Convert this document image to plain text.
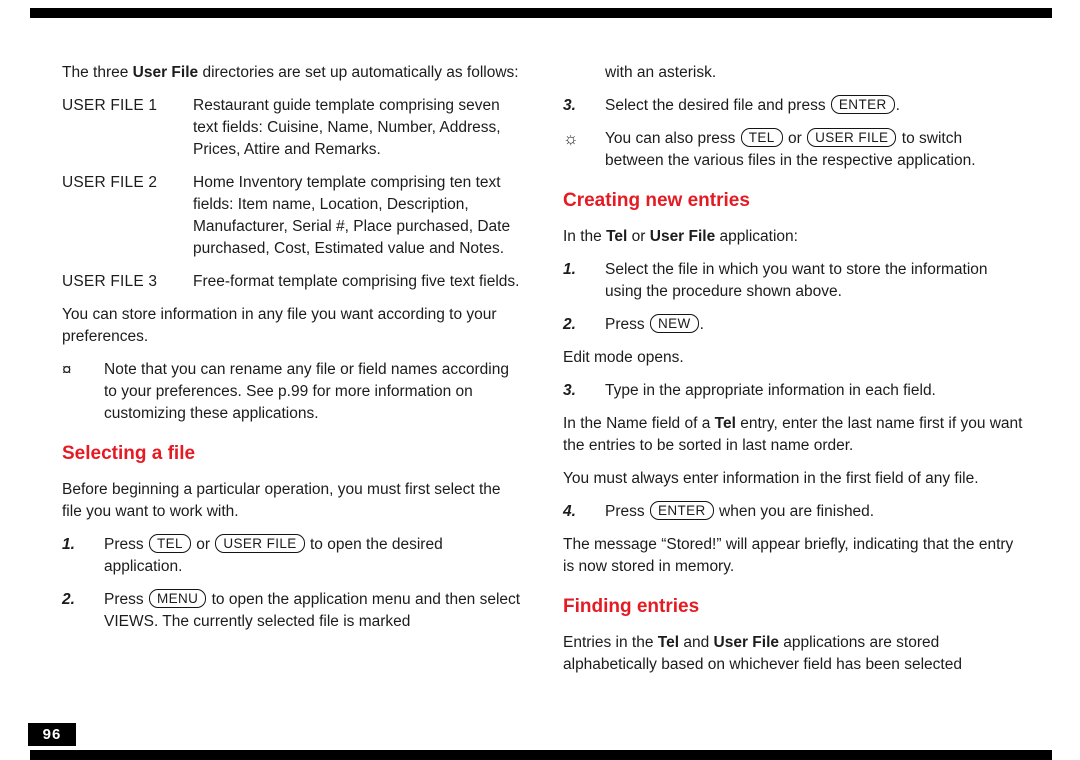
The three User File directories are set up automatically as follows:

USER FILE 1	Restaurant guide template comprising seven text fields: Cuisine, Name, Number, Address, Prices, Attire and Remarks.
USER FILE 2	Home Inventory template comprising ten text fields: Item name, Location, Description, Manufacturer, Serial #, Place purchased, Date purchased, Cost, Estimated value and Notes.
USER FILE 3	Free-format template comprising five text fields.

You can store information in any file you want according to your preferences.

¤	Note that you can rename any file or field names according to your preferences. See p.99 for more information on customizing these applications.
Selecting a file

Before beginning a particular operation, you must first select the file you want to work with.

1.	Press TEL or USER FILE to open the desired application.
2.	Press MENU to open the application menu and then select VIEWS. The currently selected file is marked

with an asterisk.

3.	Select the desired file and press ENTER .
☼	You can also press TEL or USER FILE to switch between the various files in the respective application.
Creating new entries

In the Tel or User File application:

1.	Select the file in which you want to store the information using the procedure shown above.
2.	Press NEW .

Edit mode opens.

3.	Type in the appropriate information in each field.

In the Name field of a Tel entry, enter the last name first if you want the entries to be sorted in last name order.

You must always enter information in the first field of any file.

4.	Press ENTER when you are finished.

The message “Stored!” will appear briefly, indicating that the entry is now stored in memory.

Finding entries

Entries in the Tel and User File applications are stored alphabetically based on whichever field has been selected

96
